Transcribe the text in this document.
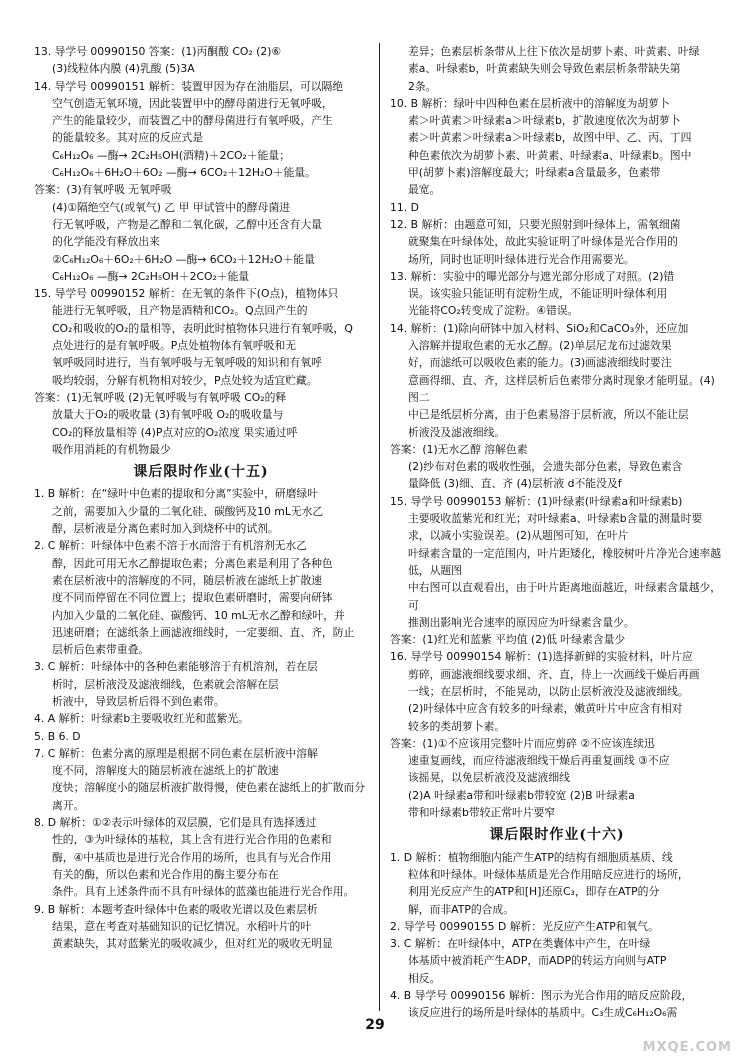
13. 导学号 00990150 答案：(1)丙酮酸 CO₂ (2)⑥
(3)线粒体内膜 (4)乳酸 (5)3A
14. 导学号 00990151 解析：装置甲因为存在油脂层，可以隔绝
空气创造无氧环境，因此装置甲中的酵母菌进行无氧呼吸，
产生的能量较少，而装置乙中的酵母菌进行有氧呼吸，产生
的能量较多。其对应的反应式是
C₆H₁₂O₆ —酶→ 2C₂H₅OH(酒精)＋2CO₂＋能量；
C₆H₁₂O₆＋6H₂O＋6O₂ —酶→ 6CO₂＋12H₂O＋能量。
答案：(3)有氧呼吸 无氧呼吸
(4)①隔绝空气(或氧气) 乙 甲 甲试管中的酵母菌进
行无氧呼吸，产物是乙醇和二氧化碳，乙醇中还含有大量
的化学能没有释放出来
②C₆H₁₂O₆＋6O₂＋6H₂O —酶→ 6CO₂＋12H₂O＋能量
C₆H₁₂O₆ —酶→ 2C₂H₅OH＋2CO₂＋能量
15. 导学号 00990152 解析：在无氧的条件下(O点)，植物体只
能进行无氧呼吸，且产物是酒精和CO₂。Q点回产生的
CO₂和吸收的O₂的量相等，表明此时植物体只进行有氧呼吸，Q
点处进行的是有氧呼吸。P点处植物体有氧呼吸和无
氧呼吸同时进行，当有氧呼吸与无氧呼吸的知识和有氧呼
吸均较弱，分解有机物相对较少，P点处较为适宜贮藏。
答案：(1)无氧呼吸 (2)无氧呼吸与有氧呼吸 CO₂的释
放量大于O₂的吸收量 (3)有氧呼吸 O₂的吸收量与
CO₂的释放量相等 (4)P点对应的O₂浓度 果实通过呼
吸作用消耗的有机物最少
课后限时作业(十五)
1. B 解析：在“绿叶中色素的提取和分离”实验中，研磨绿叶
之前，需要加入少量的二氧化硅、碳酸钙及10 mL无水乙
醇，层析液是分离色素时加入到烧杯中的试剂。
2. C 解析：叶绿体中色素不溶于水而溶于有机溶剂无水乙
醇，因此可用无水乙醇提取色素；分离色素是利用了各种色
素在层析液中的溶解度的不同，随层析液在滤纸上扩散速
度不同而停留在不同位置上；提取色素研磨时，需要向研钵
内加入少量的二氧化硅、碳酸钙、10 mL无水乙醇和绿叶，并
迅速研磨；在滤纸条上画滤液细线时，一定要细、直、齐，防止
层析后色素带重叠。
3. C 解析：叶绿体中的各种色素能够溶于有机溶剂，若在层
析时，层析液没及滤液细线，色素就会溶解在层
析液中，导致层析后得不到色素带。
4. A 解析：叶绿素b主要吸收红光和蓝紫光。
5. B 6. D
7. C 解析：色素分离的原理是根据不同色素在层析液中溶解
度不同，溶解度大的随层析液在滤纸上的扩散速
度快；溶解度小的随层析液扩散得慢，使色素在滤纸上的扩散而分离开。
8. D 解析：①②表示叶绿体的双层膜，它们是具有选择透过
性的，③为叶绿体的基粒，其上含有进行光合作用的色素和
酶，④中基质也是进行光合作用的场所，也具有与光合作用
有关的酶，所以色素和光合作用的酶主要分布在
条件。具有上述条件而不具有叶绿体的蓝藻也能进行光合作用。
9. B 解析：本题考查叶绿体中色素的吸收光谱以及色素层析
结果，意在考查对基础知识的记忆情况。水稻叶片的叶
黄素缺失，其对蓝紫光的吸收减少，但对红光的吸收无明显
差异；色素层析条带从上往下依次是胡萝卜素、叶黄素、叶绿
素a、叶绿素b，叶黄素缺失则会导致色素层析条带缺失第
2条。
10. B 解析：绿叶中四种色素在层析液中的溶解度为胡萝卜
素＞叶黄素＞叶绿素a＞叶绿素b，扩散速度依次为胡萝卜
素＞叶黄素＞叶绿素a＞叶绿素b，故图中甲、乙、丙、丁四
种色素依次为胡萝卜素、叶黄素、叶绿素a、叶绿素b。图中
甲(胡萝卜素)溶解度最大；叶绿素a含量最多，色素带
最宽。
11. D
12. B 解析：由题意可知，只要光照射到叶绿体上，需氧细菌
就聚集在叶绿体处，故此实验证明了叶绿体是光合作用的
场所，同时也证明叶绿体进行光合作用需要光。
13. 解析：实验中的曝光部分与遮光部分形成了对照。(2)错
误。该实验只能证明有淀粉生成，不能证明叶绿体利用
光能将CO₂转变成了淀粉。④错误。
14. 解析：(1)除向研钵中加入材料、SiO₂和CaCO₃外，还应加
入溶解并提取色素的无水乙醇。(2)单层尼龙布过滤效果
好，而滤纸可以吸收色素的能力。(3)画滤液细线时要注
意画得细、直、齐，这样层析后色素带分离时现象才能明显。(4)图二
中已是纸层析分离，由于色素易溶于层析液，所以不能让层
析液没及滤液细线。
答案：(1)无水乙醇 溶解色素
(2)纱布对色素的吸收性强，会遗失部分色素，导致色素含
量降低 (3)细、直、齐 (4)层析液 d不能没及f
15. 导学号 00990153 解析：(1)叶绿素(叶绿素a和叶绿素b)
主要吸收蓝紫光和红光；对叶绿素a、叶绿素b含量的测量时要
求，以减小实验误差。(2)从题图可知，在叶片
叶绿素含量的一定范围内，叶片距矮化，橡胶树叶片净光合速率越低，从题图
中右图可以直观看出，由于叶片距离地面越近，叶绿素含量越少，可
推测出影响光合速率的原因应为叶绿素含量少。
答案：(1)红光和蓝紫 平均值 (2)低 叶绿素含量少
16. 导学号 00990154 解析：(1)选择新鲜的实验材料，叶片应
剪碎，画滤液细线要求细、齐、直，待上一次画线干燥后再画
一线；在层析时，不能晃动，以防止层析液没及滤液细线。
(2)叶绿体中应含有较多的叶绿素，嫩黄叶片中应含有相对
较多的类胡萝卜素。
答案：(1)①不应该用完整叶片而应剪碎 ②不应该连续迅
速重复画线，而应待滤液细线干燥后再重复画线 ③不应
该摇晃，以免层析液没及滤液细线
(2)A 叶绿素a带和叶绿素b带较宽 (2)B 叶绿素a
带和叶绿素b带较正常叶片要窄
课后限时作业(十六)
1. D 解析：植物细胞内能产生ATP的结构有细胞质基质、线
粒体和叶绿体。叶绿体基质是光合作用暗反应进行的场所，
利用光反应产生的ATP和[H]还原C₃，即存在ATP的分
解，而非ATP的合成。
2. 导学号 00990155 D 解析：光反应产生ATP和氧气。
3. C 解析：在叶绿体中，ATP在类囊体中产生，在叶绿
体基质中被消耗产生ADP，而ADP的转运方向则与ATP
相反。
4. B 导学号 00990156 解析：图示为光合作用的暗反应阶段，
该反应进行的场所是叶绿体的基质中。C₃生成C₆H₁₂O₆需
29
MXQE.COM
